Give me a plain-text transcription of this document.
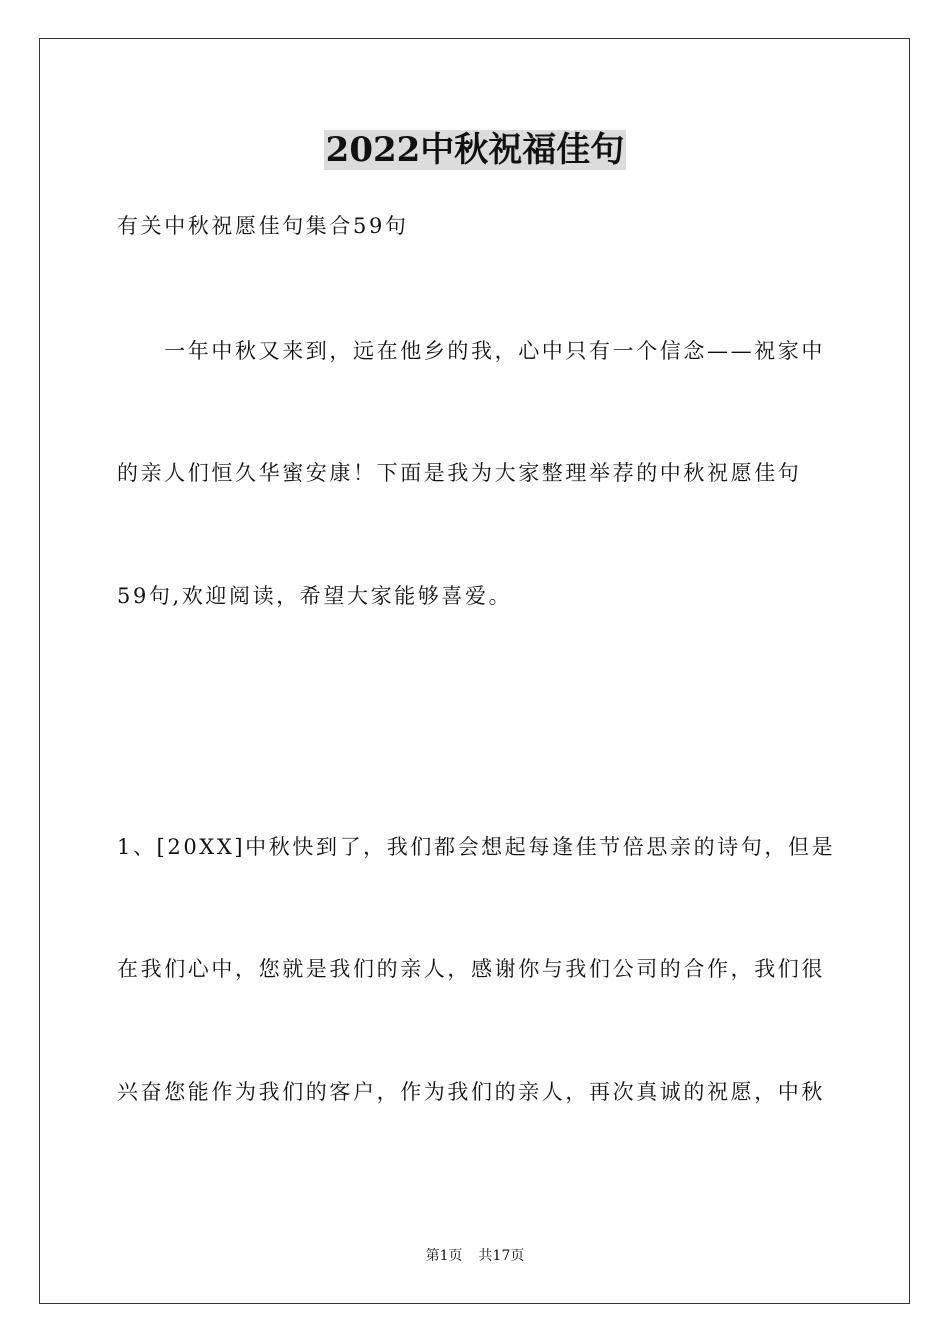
2022中秋祝福佳句
有关中秋祝愿佳句集合59句
　　一年中秋又来到，远在他乡的我，心中只有一个信念——祝家中
的亲人们恒久华蜜安康！下面是我为大家整理举荐的中秋祝愿佳句
59句,欢迎阅读，希望大家能够喜爱。
1、[20XX]中秋快到了，我们都会想起每逢佳节倍思亲的诗句，但是
在我们心中，您就是我们的亲人，感谢你与我们公司的合作，我们很
兴奋您能作为我们的客户，作为我们的亲人，再次真诚的祝愿，中秋
第1页 共17页
